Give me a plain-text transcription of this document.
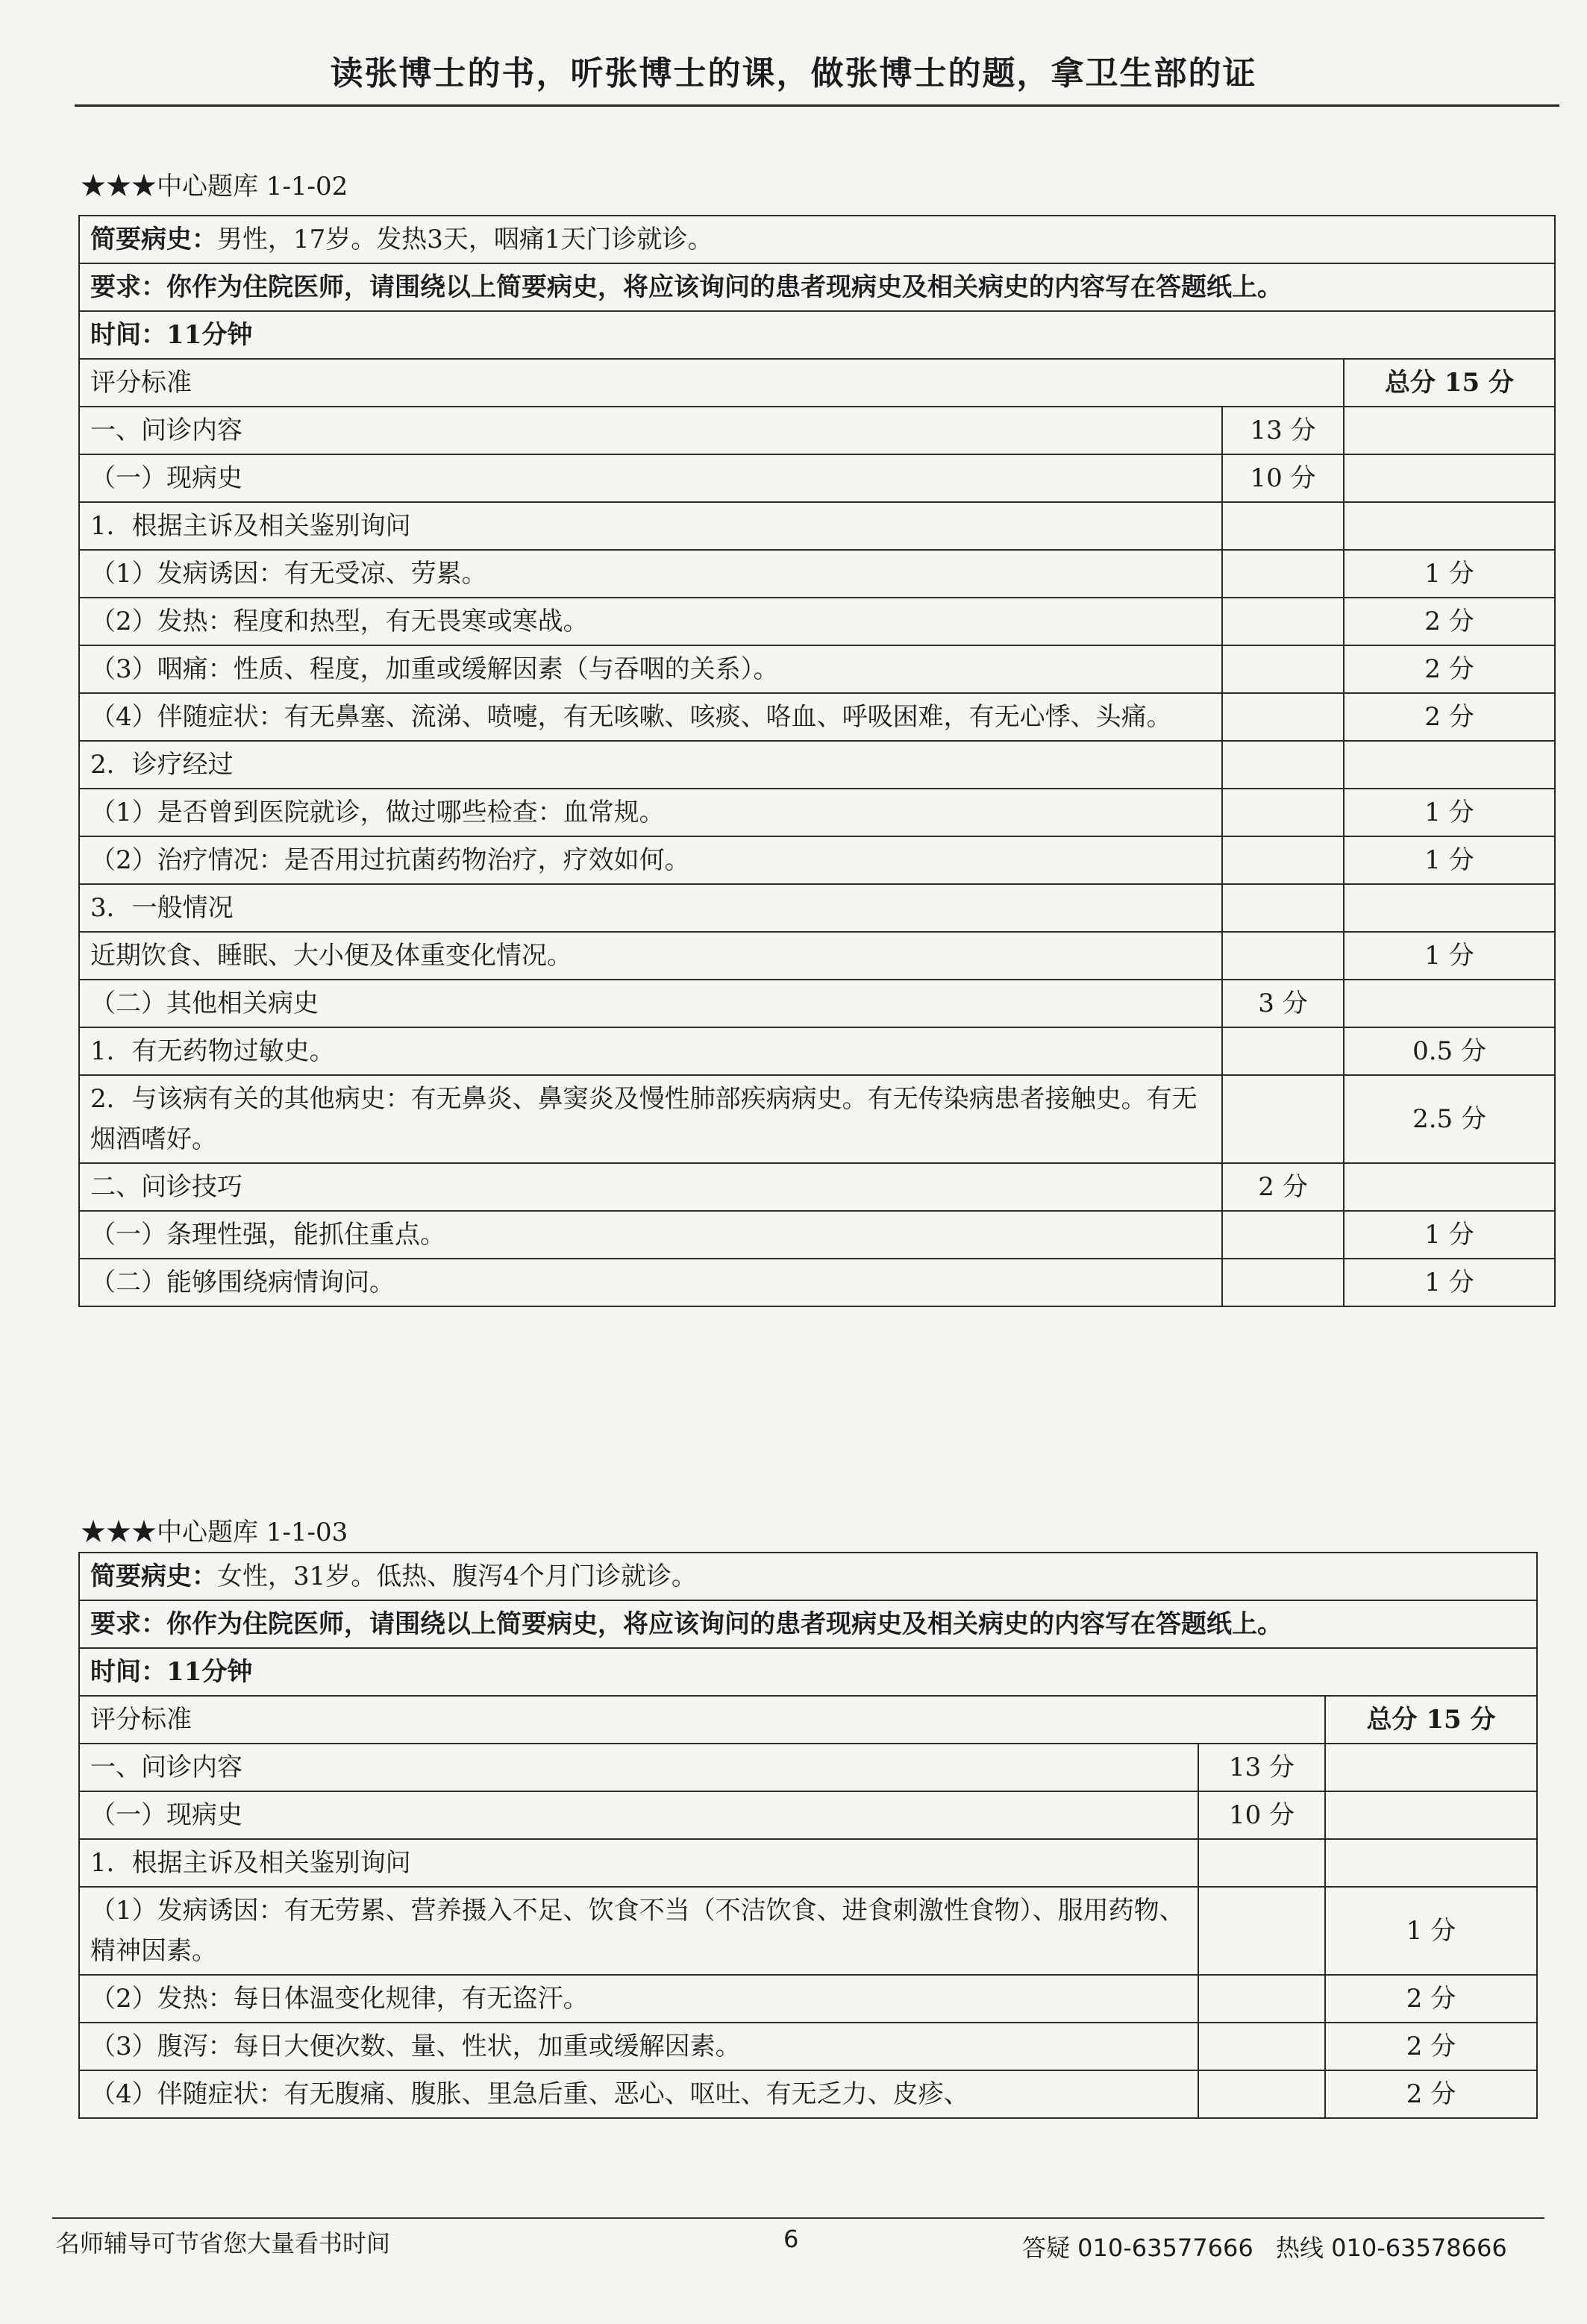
读张博士的书，听张博士的课，做张博士的题，拿卫生部的证
★★★中心题库 1-1-02
简要病史：男性，17岁。发热3天，咽痛1天门诊就诊。		
要求：你作为住院医师，请围绕以上简要病史，将应该询问的患者现病史及相关病史的内容写在答题纸上。		
时间：11分钟		
评分标准		总分 15 分
一、问诊内容	13 分	
（一）现病史	10 分	
1．根据主诉及相关鉴别询问		
（1）发病诱因：有无受凉、劳累。		1 分
（2）发热：程度和热型，有无畏寒或寒战。		2 分
（3）咽痛：性质、程度，加重或缓解因素（与吞咽的关系）。		2 分
（4）伴随症状：有无鼻塞、流涕、喷嚏，有无咳嗽、咳痰、咯血、呼吸困难，有无心悸、头痛。		2 分
2．诊疗经过		
（1）是否曾到医院就诊，做过哪些检查：血常规。		1 分
（2）治疗情况：是否用过抗菌药物治疗，疗效如何。		1 分
3．一般情况		
近期饮食、睡眠、大小便及体重变化情况。		1 分
（二）其他相关病史	3 分	
1．有无药物过敏史。		0.5 分
2．与该病有关的其他病史：有无鼻炎、鼻窦炎及慢性肺部疾病病史。有无传染病患者接触史。有无烟酒嗜好。		2.5 分
二、问诊技巧	2 分	
（一）条理性强，能抓住重点。		1 分
（二）能够围绕病情询问。		1 分
★★★中心题库 1-1-03
简要病史：女性，31岁。低热、腹泻4个月门诊就诊。		
要求：你作为住院医师，请围绕以上简要病史，将应该询问的患者现病史及相关病史的内容写在答题纸上。		
时间：11分钟		
评分标准		总分 15 分
一、问诊内容	13 分	
（一）现病史	10 分	
1．根据主诉及相关鉴别询问		
（1）发病诱因：有无劳累、营养摄入不足、饮食不当（不洁饮食、进食刺激性食物）、服用药物、精神因素。		1 分
（2）发热：每日体温变化规律，有无盗汗。		2 分
（3）腹泻：每日大便次数、量、性状，加重或缓解因素。		2 分
（4）伴随症状：有无腹痛、腹胀、里急后重、恶心、呕吐、有无乏力、皮疹、		2 分
名师辅导可节省您大量看书时间	6	答疑 010-63577666 热线 010-63578666
